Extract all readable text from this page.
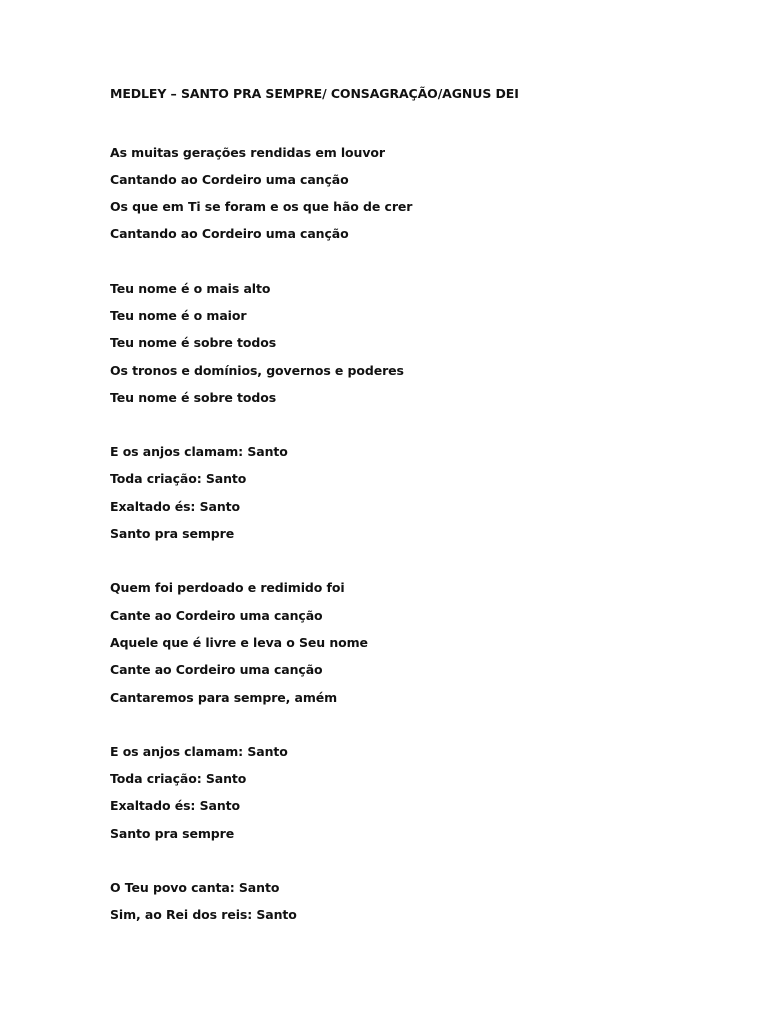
MEDLEY – SANTO PRA SEMPRE/ CONSAGRAÇÃO/AGNUS DEI
As muitas gerações rendidas em louvor
Cantando ao Cordeiro uma canção
Os que em Ti se foram e os que hão de crer
Cantando ao Cordeiro uma canção
Teu nome é o mais alto
Teu nome é o maior
Teu nome é sobre todos
Os tronos e domínios, governos e poderes
Teu nome é sobre todos
E os anjos clamam: Santo
Toda criação: Santo
Exaltado és: Santo
Santo pra sempre
Quem foi perdoado e redimido foi
Cante ao Cordeiro uma canção
Aquele que é livre e leva o Seu nome
Cante ao Cordeiro uma canção
Cantaremos para sempre, amém
E os anjos clamam: Santo
Toda criação: Santo
Exaltado és: Santo
Santo pra sempre
O Teu povo canta: Santo
Sim, ao Rei dos reis: Santo
